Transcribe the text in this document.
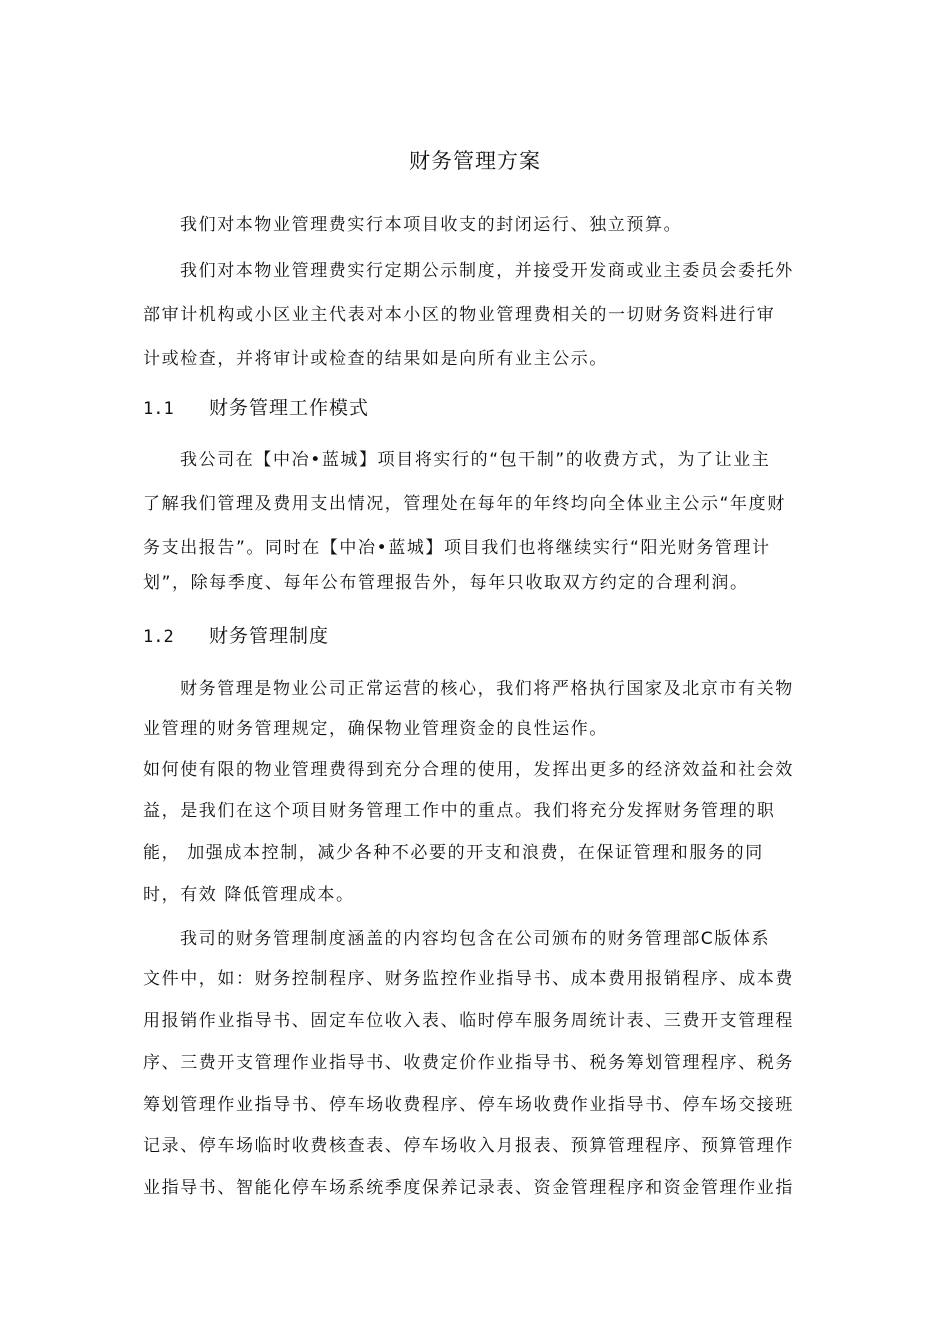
财务管理方案
我们对本物业管理费实行本项目收支的封闭运行、独立预算。
我们对本物业管理费实行定期公示制度，并接受开发商或业主委员会委托外
部审计机构或小区业主代表对本小区的物业管理费相关的一切财务资料进行审
计或检查，并将审计或检查的结果如是向所有业主公示。
1.1 财务管理工作模式
我公司在【中冶•蓝城】项目将实行的“包干制”的收费方式，为了让业主
了解我们管理及费用支出情况，管理处在每年的年终均向全体业主公示“年度财
务支出报告”。同时在【中冶•蓝城】项目我们也将继续实行“阳光财务管理计
划”，除每季度、每年公布管理报告外，每年只收取双方约定的合理利润。
1.2 财务管理制度
财务管理是物业公司正常运营的核心，我们将严格执行国家及北京市有关物
业管理的财务管理规定，确保物业管理资金的良性运作。
如何使有限的物业管理费得到充分合理的使用，发挥出更多的经济效益和社会效
益，是我们在这个项目财务管理工作中的重点。我们将充分发挥财务管理的职
能， 加强成本控制，减少各种不必要的开支和浪费，在保证管理和服务的同
时，有效 降低管理成本。
我司的财务管理制度涵盖的内容均包含在公司颁布的财务管理部C版体系
文件中，如：财务控制程序、财务监控作业指导书、成本费用报销程序、成本费
用报销作业指导书、固定车位收入表、临时停车服务周统计表、三费开支管理程
序、三费开支管理作业指导书、收费定价作业指导书、税务筹划管理程序、税务
筹划管理作业指导书、停车场收费程序、停车场收费作业指导书、停车场交接班
记录、停车场临时收费核查表、停车场收入月报表、预算管理程序、预算管理作
业指导书、智能化停车场系统季度保养记录表、资金管理程序和资金管理作业指
